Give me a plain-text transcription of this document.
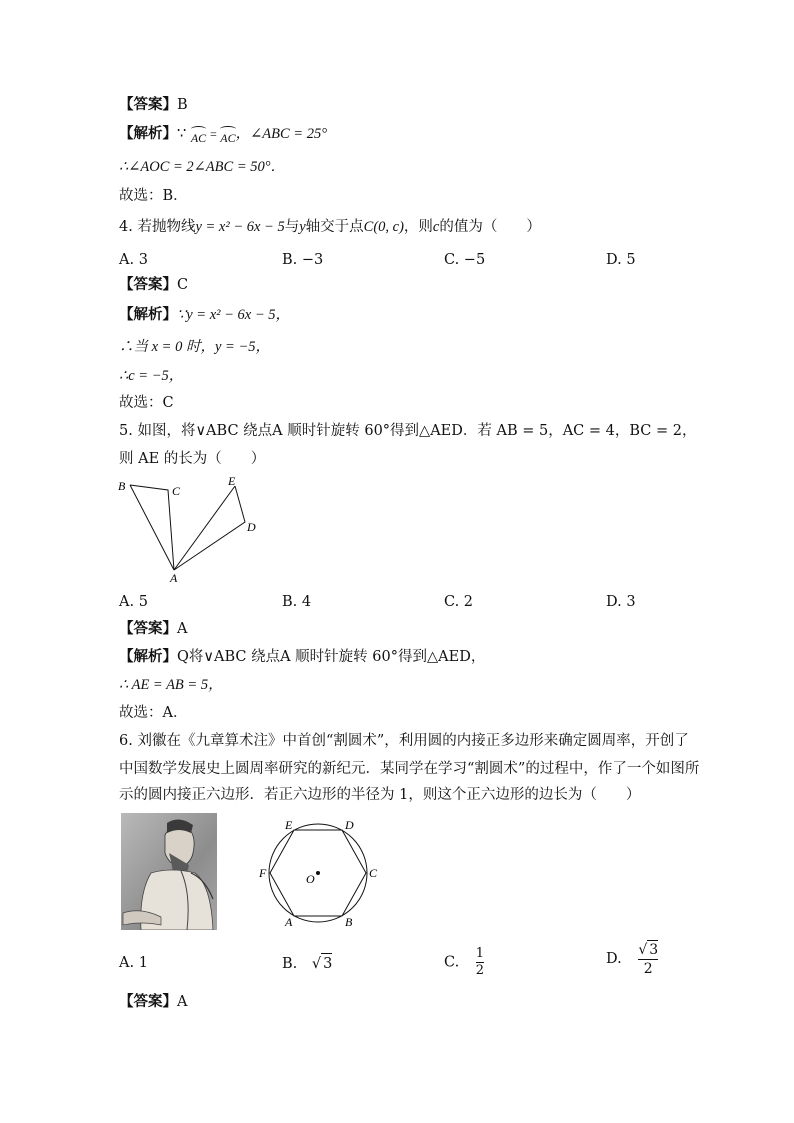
【答案】B
【解析】∵ AC = AC，∠ABC = 25°
∴∠AOC = 2∠ABC = 50°．
故选：B．
4. 若抛物线y = x² − 6x − 5与y轴交于点C(0, c)，则c的值为（　　）
A. 3	B. −3	C. −5	D. 5
【答案】C
【解析】∵y = x² − 6x − 5，
∴当 x = 0 时，y = −5，
∴c = −5，
故选：C
5. 如图，将∨ABC 绕点A 顺时针旋转 60°得到△AED．若 AB = 5，AC = 4，BC = 2，
则 AE 的长为（　　）
B	C
E
D
A
A. 5	B. 4	C. 2	D. 3
【答案】A
【解析】Q将∨ABC 绕点A 顺时针旋转 60°得到△AED，
∴ AE = AB = 5，
故选：A．
6. 刘徽在《九章算术注》中首创“割圆术”，利用圆的内接正多边形来确定圆周率，开创了
中国数学发展史上圆周率研究的新纪元．某同学在学习“割圆术”的过程中，作了一个如图所
示的圆内接正六边形．若正六边形的半径为 1，则这个正六边形的边长为（　　）
E	D
F	O	C
A	B
A. 1	B. √ 3	C. $\frac{1}{2}$	D. $\frac{√ 3}{2}$
【答案】A
